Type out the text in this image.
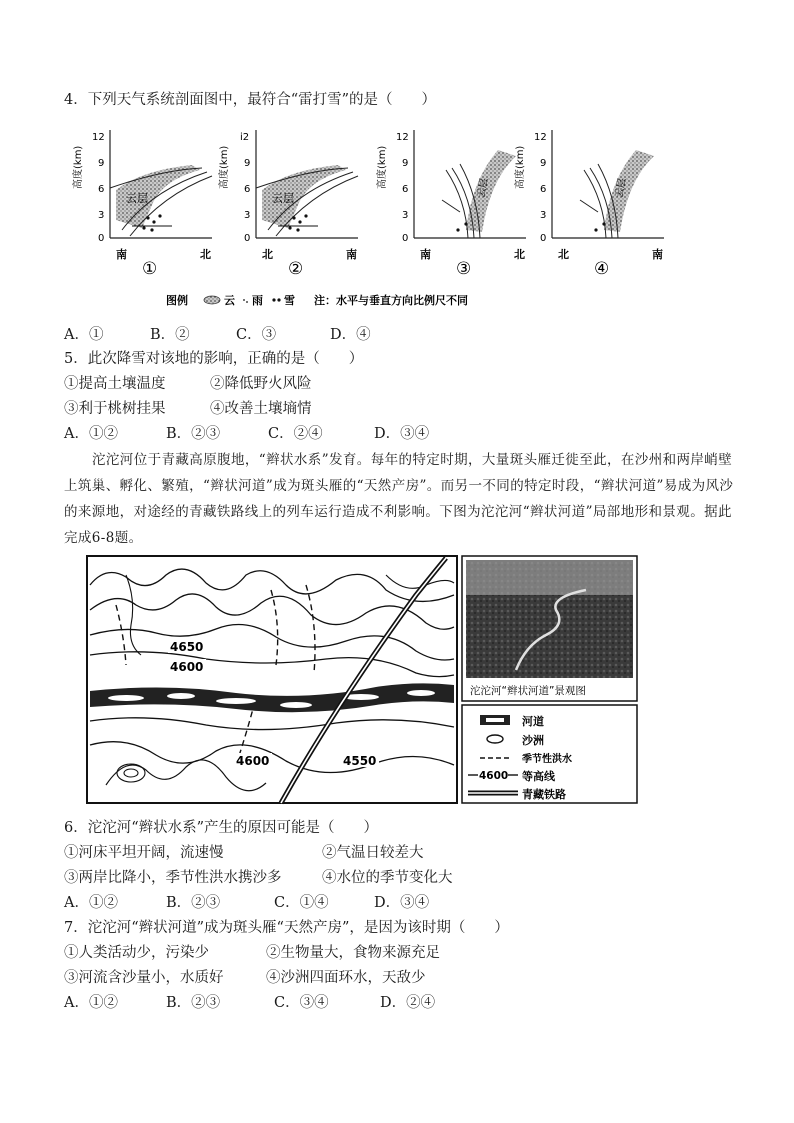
4．下列天气系统剖面图中，最符合“雷打雪”的是（　　）
高度(km)
12
9
6
3
0
云层
南	北
①
高度(km)
i2
9
6
3
0
云层
北	南
②
高度(km)
12
9
6
3
0
云层
南	北
③
高度(km)
12
9
6
3
0
云层
北	南
④
图例	云 雨 雪 注：水平与垂直方向比例尺不同
A．①	B．②	C．③	D．④
5．此次降雪对该地的影响，正确的是（　　）
①提高土壤温度	②降低野火风险
③利于桃树挂果	④改善土壤墒情
A．①②	B．②③	C．②④	D．③④
沱沱河位于青藏高原腹地，“辫状水系”发育。每年的特定时期，大量斑头雁迁徙至此，在沙州和两岸峭壁上筑巢、孵化、繁殖，“辫状河道”成为斑头雁的“天然产房”。而另一不同的特定时段，“辫状河道”易成为风沙的来源地，对途经的青藏铁路线上的列车运行造成不利影响。下图为沱沱河“辫状河道”局部地形和景观。据此完成6-8题。
4650
4600
4600	4550
沱沱河“辫状河道”景观图
河道
沙洲
季节性洪水
4600 等高线
青藏铁路
6．沱沱河“辫状水系”产生的原因可能是（　　）
①河床平坦开阔，流速慢	②气温日较差大
③两岸比降小，季节性洪水携沙多	④水位的季节变化大
A．①②	B．②③	C．①④	D．③④
7．沱沱河“辫状河道”成为斑头雁“天然产房”，是因为该时期（　　）
①人类活动少，污染少	②生物量大，食物来源充足
③河流含沙量小，水质好	④沙洲四面环水，天敌少
A．①②	B．②③	C．③④	D．②④
